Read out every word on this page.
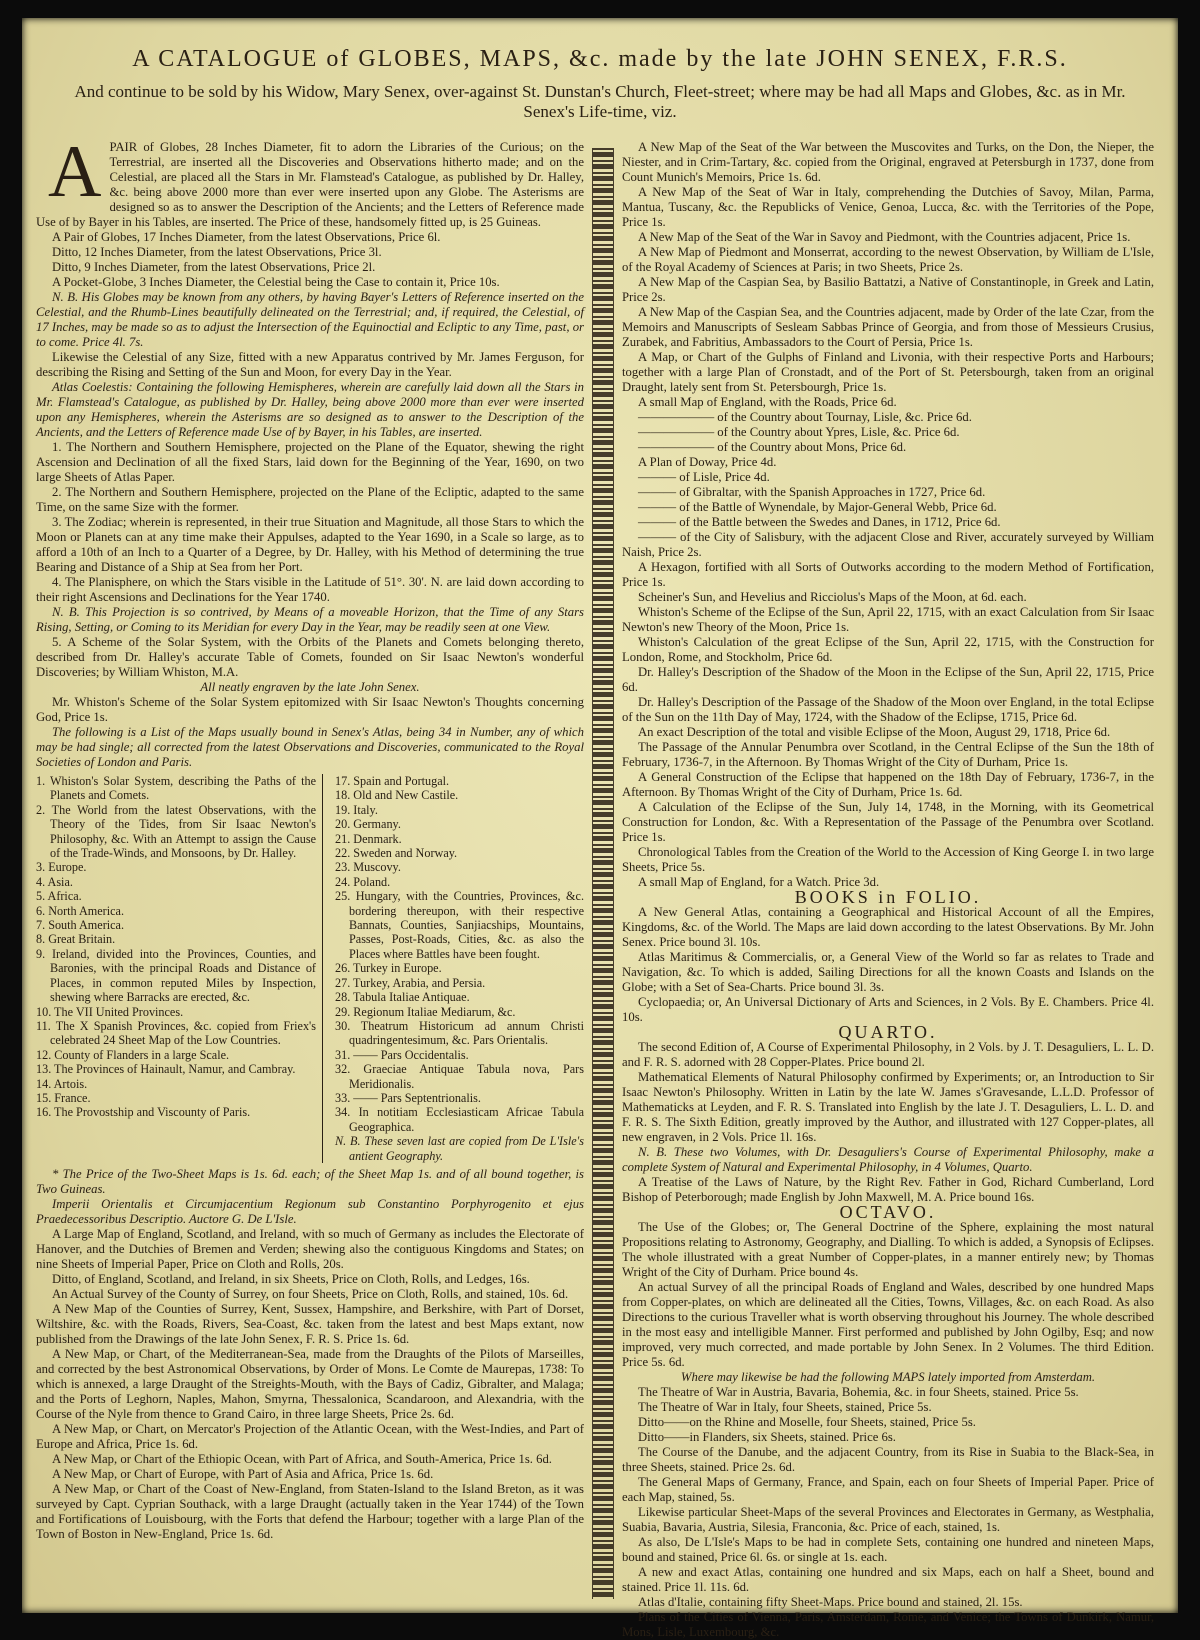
A CATALOGUE of GLOBES, MAPS, &c. made by the late JOHN SENEX, F.R.S.
And continue to be sold by his Widow, Mary Senex, over-against St. Dunstan's Church, Fleet-street; where may be had all Maps and Globes, &c. as in Mr. Senex's Life-time, viz.
A PAIR of Globes, 28 Inches Diameter, fit to adorn the Libraries of the Curious; on the Terrestrial, are inserted all the Discoveries and Observations hitherto made; and on the Celestial, are placed all the Stars in Mr. Flamstead's Catalogue, as published by Dr. Halley, &c. being above 2000 more than ever were inserted upon any Globe. The Asterisms are designed so as to answer the Description of the Ancients; and the Letters of Reference made Use of by Bayer in his Tables, are inserted. The Price of these, handsomely fitted up, is 25 Guineas.

A Pair of Globes, 17 Inches Diameter, from the latest Observations, Price 6l.

Ditto, 12 Inches Diameter, from the latest Observations, Price 3l.

Ditto, 9 Inches Diameter, from the latest Observations, Price 2l.

A Pocket-Globe, 3 Inches Diameter, the Celestial being the Case to contain it, Price 10s.

N. B. His Globes may be known from any others, by having Bayer's Letters of Reference inserted on the Celestial, and the Rhumb-Lines beautifully delineated on the Terrestrial; and, if required, the Celestial, of 17 Inches, may be made so as to adjust the Intersection of the Equinoctial and Ecliptic to any Time, past, or to come. Price 4l. 7s.

Likewise the Celestial of any Size, fitted with a new Apparatus contrived by Mr. James Ferguson, for describing the Rising and Setting of the Sun and Moon, for every Day in the Year.

Atlas Coelestis: Containing the following Hemispheres, wherein are carefully laid down all the Stars in Mr. Flamstead's Catalogue, as published by Dr. Halley, being above 2000 more than ever were inserted upon any Hemispheres, wherein the Asterisms are so designed as to answer to the Description of the Ancients, and the Letters of Reference made Use of by Bayer, in his Tables, are inserted.

1. The Northern and Southern Hemisphere, projected on the Plane of the Equator, shewing the right Ascension and Declination of all the fixed Stars, laid down for the Beginning of the Year, 1690, on two large Sheets of Atlas Paper.

2. The Northern and Southern Hemisphere, projected on the Plane of the Ecliptic, adapted to the same Time, on the same Size with the former.

3. The Zodiac; wherein is represented, in their true Situation and Magnitude, all those Stars to which the Moon or Planets can at any time make their Appulses, adapted to the Year 1690, in a Scale so large, as to afford a 10th of an Inch to a Quarter of a Degree, by Dr. Halley, with his Method of determining the true Bearing and Distance of a Ship at Sea from her Port.

4. The Planisphere, on which the Stars visible in the Latitude of 51°. 30'. N. are laid down according to their right Ascensions and Declinations for the Year 1740.

N. B. This Projection is so contrived, by Means of a moveable Horizon, that the Time of any Stars Rising, Setting, or Coming to its Meridian for every Day in the Year, may be readily seen at one View.

5. A Scheme of the Solar System, with the Orbits of the Planets and Comets belonging thereto, described from Dr. Halley's accurate Table of Comets, founded on Sir Isaac Newton's wonderful Discoveries; by William Whiston, M.A.

All neatly engraven by the late John Senex.

Mr. Whiston's Scheme of the Solar System epitomized with Sir Isaac Newton's Thoughts concerning God, Price 1s.

The following is a List of the Maps usually bound in Senex's Atlas, being 34 in Number, any of which may be had single; all corrected from the latest Observations and Discoveries, communicated to the Royal Societies of London and Paris.

1. Whiston's Solar System, describing the Paths of the Planets and Comets.

2. The World from the latest Observations, with the Theory of the Tides, from Sir Isaac Newton's Philosophy, &c. With an Attempt to assign the Cause of the Trade-Winds, and Monsoons, by Dr. Halley.

3. Europe.

4. Asia.

5. Africa.

6. North America.

7. South America.

8. Great Britain.

9. Ireland, divided into the Provinces, Counties, and Baronies, with the principal Roads and Distance of Places, in common reputed Miles by Inspection, shewing where Barracks are erected, &c.

10. The VII United Provinces.

11. The X Spanish Provinces, &c. copied from Friex's celebrated 24 Sheet Map of the Low Countries.

12. County of Flanders in a large Scale.

13. The Provinces of Hainault, Namur, and Cambray.

14. Artois.

15. France.

16. The Provostship and Viscounty of Paris.

17. Spain and Portugal.

18. Old and New Castile.

19. Italy.

20. Germany.

21. Denmark.

22. Sweden and Norway.

23. Muscovy.

24. Poland.

25. Hungary, with the Countries, Provinces, &c. bordering thereupon, with their respective Bannats, Counties, Sanjiacships, Mountains, Passes, Post-Roads, Cities, &c. as also the Places where Battles have been fought.

26. Turkey in Europe.

27. Turkey, Arabia, and Persia.

28. Tabula Italiae Antiquae.

29. Regionum Italiae Mediarum, &c.

30. Theatrum Historicum ad annum Christi quadringentesimum, &c. Pars Orientalis.

31. —— Pars Occidentalis.

32. Graeciae Antiquae Tabula nova, Pars Meridionalis.

33. —— Pars Septentrionalis.

34. In notitiam Ecclesiasticam Africae Tabula Geographica.

N. B. These seven last are copied from De L'Isle's antient Geography.

* The Price of the Two-Sheet Maps is 1s. 6d. each; of the Sheet Map 1s. and of all bound together, is Two Guineas.

Imperii Orientalis et Circumjacentium Regionum sub Constantino Porphyrogenito et ejus Praedecessoribus Descriptio. Auctore G. De L'Isle.

A Large Map of England, Scotland, and Ireland, with so much of Germany as includes the Electorate of Hanover, and the Dutchies of Bremen and Verden; shewing also the contiguous Kingdoms and States; on nine Sheets of Imperial Paper, Price on Cloth and Rolls, 20s.

Ditto, of England, Scotland, and Ireland, in six Sheets, Price on Cloth, Rolls, and Ledges, 16s.

An Actual Survey of the County of Surrey, on four Sheets, Price on Cloth, Rolls, and stained, 10s. 6d.

A New Map of the Counties of Surrey, Kent, Sussex, Hampshire, and Berkshire, with Part of Dorset, Wiltshire, &c. with the Roads, Rivers, Sea-Coast, &c. taken from the latest and best Maps extant, now published from the Drawings of the late John Senex, F. R. S. Price 1s. 6d.

A New Map, or Chart, of the Mediterranean-Sea, made from the Draughts of the Pilots of Marseilles, and corrected by the best Astronomical Observations, by Order of Mons. Le Comte de Maurepas, 1738: To which is annexed, a large Draught of the Streights-Mouth, with the Bays of Cadiz, Gibralter, and Malaga; and the Ports of Leghorn, Naples, Mahon, Smyrna, Thessalonica, Scandaroon, and Alexandria, with the Course of the Nyle from thence to Grand Cairo, in three large Sheets, Price 2s. 6d.

A New Map, or Chart, on Mercator's Projection of the Atlantic Ocean, with the West-Indies, and Part of Europe and Africa, Price 1s. 6d.

A New Map, or Chart of the Ethiopic Ocean, with Part of Africa, and South-America, Price 1s. 6d.

A New Map, or Chart of Europe, with Part of Asia and Africa, Price 1s. 6d.

A New Map, or Chart of the Coast of New-England, from Staten-Island to the Island Breton, as it was surveyed by Capt. Cyprian Southack, with a large Draught (actually taken in the Year 1744) of the Town and Fortifications of Louisbourg, with the Forts that defend the Harbour; together with a large Plan of the Town of Boston in New-England, Price 1s. 6d.

A New Map of the Seat of the War between the Muscovites and Turks, on the Don, the Nieper, the Niester, and in Crim-Tartary, &c. copied from the Original, engraved at Petersburgh in 1737, done from Count Munich's Memoirs, Price 1s. 6d.

A New Map of the Seat of War in Italy, comprehending the Dutchies of Savoy, Milan, Parma, Mantua, Tuscany, &c. the Republicks of Venice, Genoa, Lucca, &c. with the Territories of the Pope, Price 1s.

A New Map of the Seat of the War in Savoy and Piedmont, with the Countries adjacent, Price 1s.

A New Map of Piedmont and Monserrat, according to the newest Observation, by William de L'Isle, of the Royal Academy of Sciences at Paris; in two Sheets, Price 2s.

A New Map of the Caspian Sea, by Basilio Battatzi, a Native of Constantinople, in Greek and Latin, Price 2s.

A New Map of the Caspian Sea, and the Countries adjacent, made by Order of the late Czar, from the Memoirs and Manuscripts of Sesleam Sabbas Prince of Georgia, and from those of Messieurs Crusius, Zurabek, and Fabritius, Ambassadors to the Court of Persia, Price 1s.

A Map, or Chart of the Gulphs of Finland and Livonia, with their respective Ports and Harbours; together with a large Plan of Cronstadt, and of the Port of St. Petersbourgh, taken from an original Draught, lately sent from St. Petersbourgh, Price 1s.

A small Map of England, with the Roads, Price 6d.

—————— of the Country about Tournay, Lisle, &c. Price 6d.

—————— of the Country about Ypres, Lisle, &c. Price 6d.

—————— of the Country about Mons, Price 6d.

A Plan of Doway, Price 4d.

——— of Lisle, Price 4d.

——— of Gibraltar, with the Spanish Approaches in 1727, Price 6d.

——— of the Battle of Wynendale, by Major-General Webb, Price 6d.

——— of the Battle between the Swedes and Danes, in 1712, Price 6d.

——— of the City of Salisbury, with the adjacent Close and River, accurately surveyed by William Naish, Price 2s.

A Hexagon, fortified with all Sorts of Outworks according to the modern Method of Fortification, Price 1s.

Scheiner's Sun, and Hevelius and Ricciolus's Maps of the Moon, at 6d. each.

Whiston's Scheme of the Eclipse of the Sun, April 22, 1715, with an exact Calculation from Sir Isaac Newton's new Theory of the Moon, Price 1s.

Whiston's Calculation of the great Eclipse of the Sun, April 22, 1715, with the Construction for London, Rome, and Stockholm, Price 6d.

Dr. Halley's Description of the Shadow of the Moon in the Eclipse of the Sun, April 22, 1715, Price 6d.

Dr. Halley's Description of the Passage of the Shadow of the Moon over England, in the total Eclipse of the Sun on the 11th Day of May, 1724, with the Shadow of the Eclipse, 1715, Price 6d.

An exact Description of the total and visible Eclipse of the Moon, August 29, 1718, Price 6d.

The Passage of the Annular Penumbra over Scotland, in the Central Eclipse of the Sun the 18th of February, 1736-7, in the Afternoon. By Thomas Wright of the City of Durham, Price 1s.

A General Construction of the Eclipse that happened on the 18th Day of February, 1736-7, in the Afternoon. By Thomas Wright of the City of Durham, Price 1s. 6d.

A Calculation of the Eclipse of the Sun, July 14, 1748, in the Morning, with its Geometrical Construction for London, &c. With a Representation of the Passage of the Penumbra over Scotland. Price 1s.

Chronological Tables from the Creation of the World to the Accession of King George I. in two large Sheets, Price 5s.

A small Map of England, for a Watch. Price 3d.

BOOKS in FOLIO.

A New General Atlas, containing a Geographical and Historical Account of all the Empires, Kingdoms, &c. of the World. The Maps are laid down according to the latest Observations. By Mr. John Senex. Price bound 3l. 10s.

Atlas Maritimus & Commercialis, or, a General View of the World so far as relates to Trade and Navigation, &c. To which is added, Sailing Directions for all the known Coasts and Islands on the Globe; with a Set of Sea-Charts. Price bound 3l. 3s.

Cyclopaedia; or, An Universal Dictionary of Arts and Sciences, in 2 Vols. By E. Chambers. Price 4l. 10s.

QUARTO.

The second Edition of, A Course of Experimental Philosophy, in 2 Vols. by J. T. Desaguliers, L. L. D. and F. R. S. adorned with 28 Copper-Plates. Price bound 2l.

Mathematical Elements of Natural Philosophy confirmed by Experiments; or, an Introduction to Sir Isaac Newton's Philosophy. Written in Latin by the late W. James s'Gravesande, L.L.D. Professor of Mathematicks at Leyden, and F. R. S. Translated into English by the late J. T. Desaguliers, L. L. D. and F. R. S. The Sixth Edition, greatly improved by the Author, and illustrated with 127 Copper-plates, all new engraven, in 2 Vols. Price 1l. 16s.

N. B. These two Volumes, with Dr. Desaguliers's Course of Experimental Philosophy, make a complete System of Natural and Experimental Philosophy, in 4 Volumes, Quarto.

A Treatise of the Laws of Nature, by the Right Rev. Father in God, Richard Cumberland, Lord Bishop of Peterborough; made English by John Maxwell, M. A. Price bound 16s.

OCTAVO.

The Use of the Globes; or, The General Doctrine of the Sphere, explaining the most natural Propositions relating to Astronomy, Geography, and Dialling. To which is added, a Synopsis of Eclipses. The whole illustrated with a great Number of Copper-plates, in a manner entirely new; by Thomas Wright of the City of Durham. Price bound 4s.

An actual Survey of all the principal Roads of England and Wales, described by one hundred Maps from Copper-plates, on which are delineated all the Cities, Towns, Villages, &c. on each Road. As also Directions to the curious Traveller what is worth observing throughout his Journey. The whole described in the most easy and intelligible Manner. First performed and published by John Ogilby, Esq; and now improved, very much corrected, and made portable by John Senex. In 2 Volumes. The third Edition. Price 5s. 6d.

Where may likewise be had the following MAPS lately imported from Amsterdam.

The Theatre of War in Austria, Bavaria, Bohemia, &c. in four Sheets, stained. Price 5s.

The Theatre of War in Italy, four Sheets, stained, Price 5s.

Ditto——on the Rhine and Moselle, four Sheets, stained, Price 5s.

Ditto——in Flanders, six Sheets, stained. Price 6s.

The Course of the Danube, and the adjacent Country, from its Rise in Suabia to the Black-Sea, in three Sheets, stained. Price 2s. 6d.

The General Maps of Germany, France, and Spain, each on four Sheets of Imperial Paper. Price of each Map, stained, 5s.

Likewise particular Sheet-Maps of the several Provinces and Electorates in Germany, as Westphalia, Suabia, Bavaria, Austria, Silesia, Franconia, &c. Price of each, stained, 1s.

As also, De L'Isle's Maps to be had in complete Sets, containing one hundred and nineteen Maps, bound and stained, Price 6l. 6s. or single at 1s. each.

A new and exact Atlas, containing one hundred and six Maps, each on half a Sheet, bound and stained. Price 1l. 11s. 6d.

Atlas d'Italie, containing fifty Sheet-Maps. Price bound and stained, 2l. 15s.

Plans of the Cities of Vienna, Paris, Amsterdam, Rome, and Venice; the Towns of Dunkirk, Namur, Mons, Lisle, Luxembourg, &c.
